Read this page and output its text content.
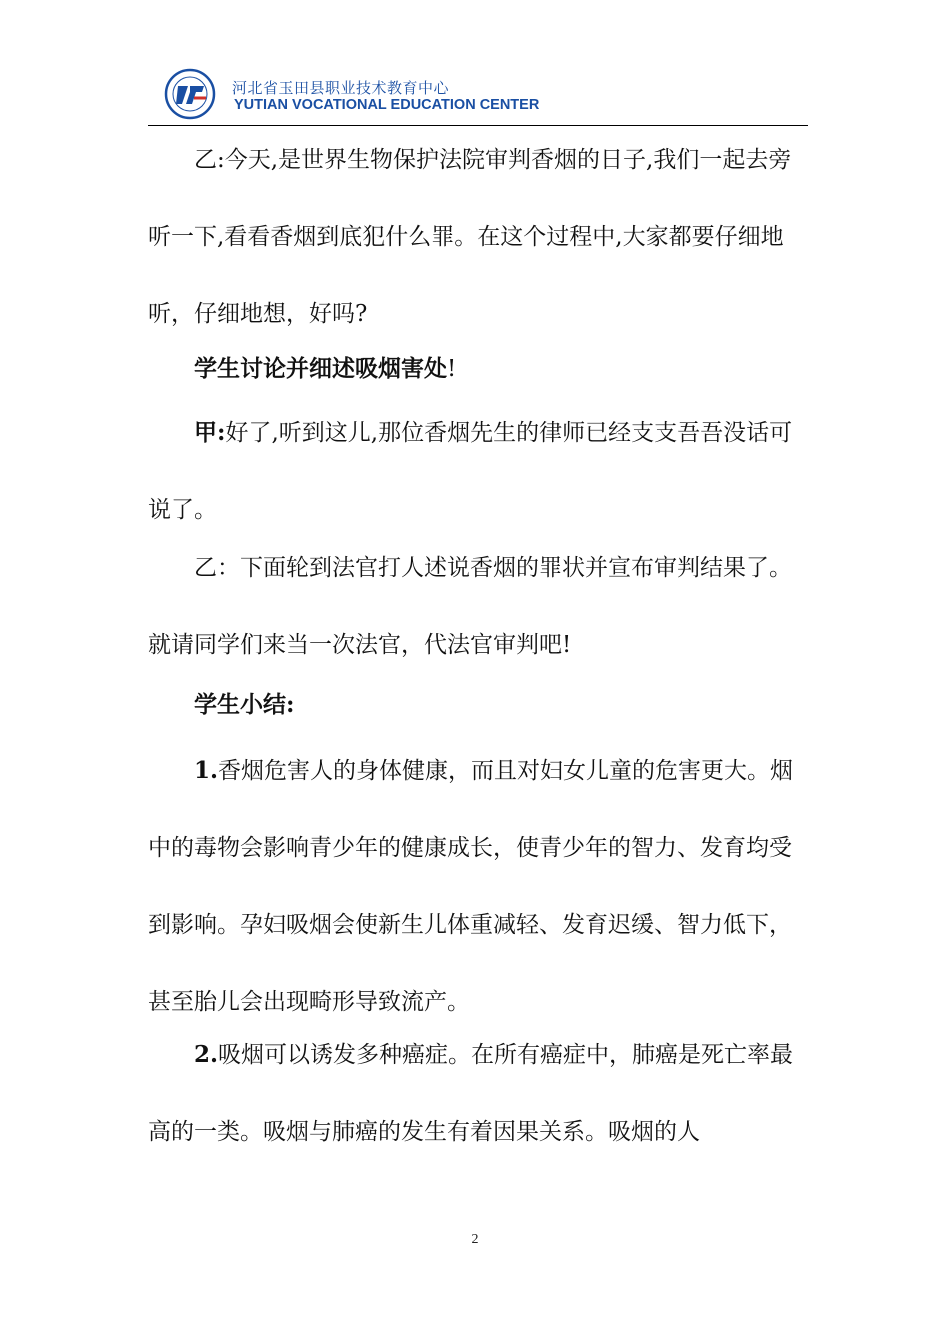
河北省玉田县职业技术教育中心
YUTIAN VOCATIONAL EDUCATION CENTER

乙:今天,是世界生物保护法院审判香烟的日子,我们一起去旁听一下,看看香烟到底犯什么罪。在这个过程中,大家都要仔细地听，仔细地想，好吗?

学生讨论并细述吸烟害处!

甲:好了,听到这儿,那位香烟先生的律师已经支支吾吾没话可说了。

乙：下面轮到法官打人述说香烟的罪状并宣布审判结果了。就请同学们来当一次法官，代法官审判吧!

学生小结:

1.香烟危害人的身体健康，而且对妇女儿童的危害更大。烟中的毒物会影响青少年的健康成长，使青少年的智力、发育均受到影响。孕妇吸烟会使新生儿体重减轻、发育迟缓、智力低下，甚至胎儿会出现畸形导致流产。

2.吸烟可以诱发多种癌症。在所有癌症中，肺癌是死亡率最高的一类。吸烟与肺癌的发生有着因果关系。吸烟的人

2
